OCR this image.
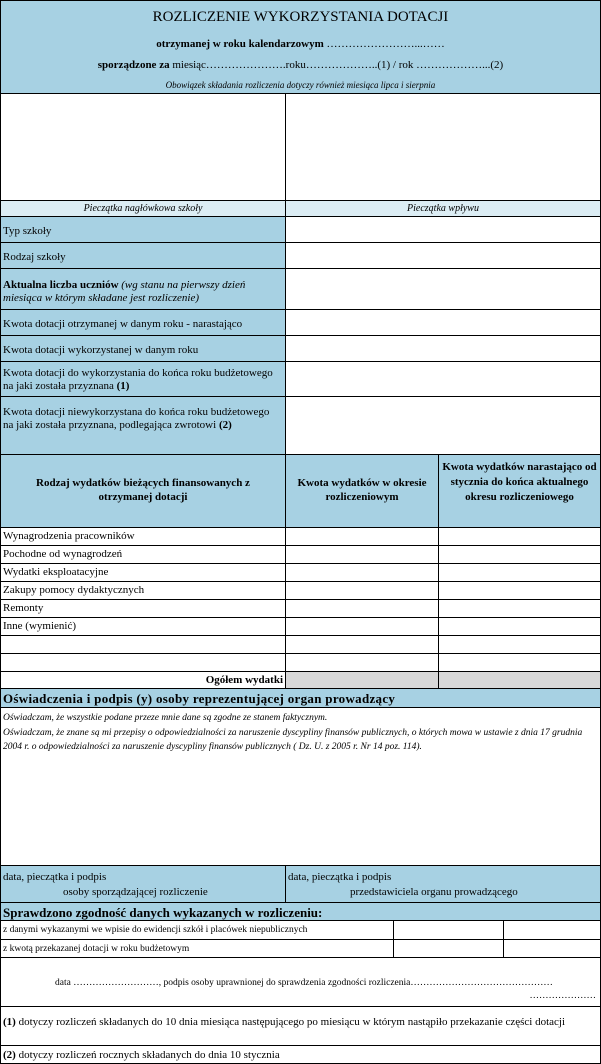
ROZLICZENIE WYKORZYSTANIA DOTACJI
otrzymanej w roku kalendarzowym ……………………...……
sporządzone za miesiąc………………….roku………………..(1) / rok ………………...(2)
Obowiązek składania rozliczenia dotyczy również miesiąca lipca i sierpnia
Pieczątka nagłówkowa szkoły	Pieczątka wpływu
Typ szkoły
Rodzaj szkoły
Aktualna liczba uczniów (wg stanu na pierwszy dzień miesiąca w którym składane jest rozliczenie)
Kwota dotacji otrzymanej w danym roku - narastająco
Kwota dotacji wykorzystanej w danym roku
Kwota dotacji do wykorzystania do końca roku budżetowego na jaki została przyznana (1)
Kwota dotacji niewykorzystana do końca roku budżetowego na jaki została przyznana, podlegająca zwrotowi (2)
Rodzaj wydatków bieżących finansowanych z otrzymanej dotacji
Kwota wydatków w okresie rozliczeniowym
Kwota wydatków narastająco od stycznia do końca aktualnego okresu rozliczeniowego
Wynagrodzenia pracowników
Pochodne od wynagrodzeń
Wydatki eksploatacyjne
Zakupy pomocy dydaktycznych
Remonty
Inne (wymienić)
Ogółem wydatki
Oświadczenia i podpis (y) osoby reprezentującej organ prowadzący
Oświadczam, że wszystkie podane przeze mnie dane są zgodne ze stanem faktycznym.
Oświadczam, że znane są mi przepisy o odpowiedzialności za naruszenie dyscypliny finansów publicznych, o których mowa w ustawie z dnia 17 grudnia 2004 r. o odpowiedzialności za naruszenie dyscypliny finansów publicznych ( Dz. U. z 2005 r. Nr 14 poz. 114).
data, pieczątka i podpis
osoby sporządzającej rozliczenie
data, pieczątka i podpis
przedstawiciela organu prowadzącego
Sprawdzono zgodność danych wykazanych w rozliczeniu:
z danymi wykazanymi we wpisie do ewidencji szkół i placówek niepublicznych
z kwotą przekazanej dotacji w roku budżetowym
data ………………………, podpis osoby uprawnionej do sprawdzenia zgodności rozliczenia………………………………………
…………………
(1) dotyczy rozliczeń składanych do 10 dnia miesiąca następującego po miesiącu w którym nastąpiło przekazanie części dotacji
(2) dotyczy rozliczeń rocznych składanych do dnia 10 stycznia
